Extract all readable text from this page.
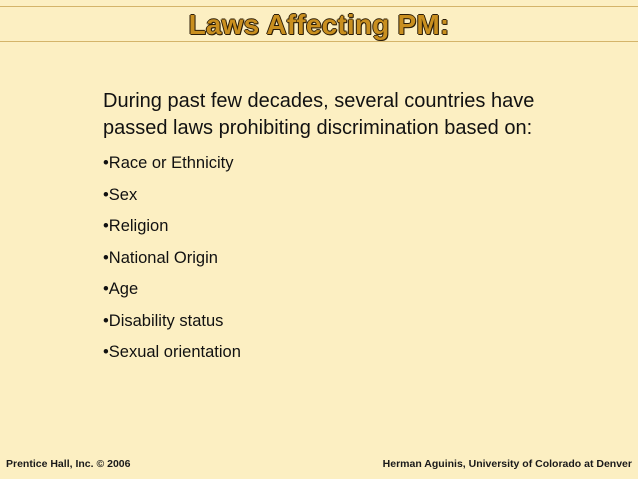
Laws Affecting PM:

During past few decades, several countries have passed laws prohibiting discrimination based on:

•Race or Ethnicity
•Sex
•Religion
•National Origin
•Age
•Disability status
•Sexual orientation
Prentice Hall, Inc. © 2006	Herman Aguinis, University of Colorado at Denver
